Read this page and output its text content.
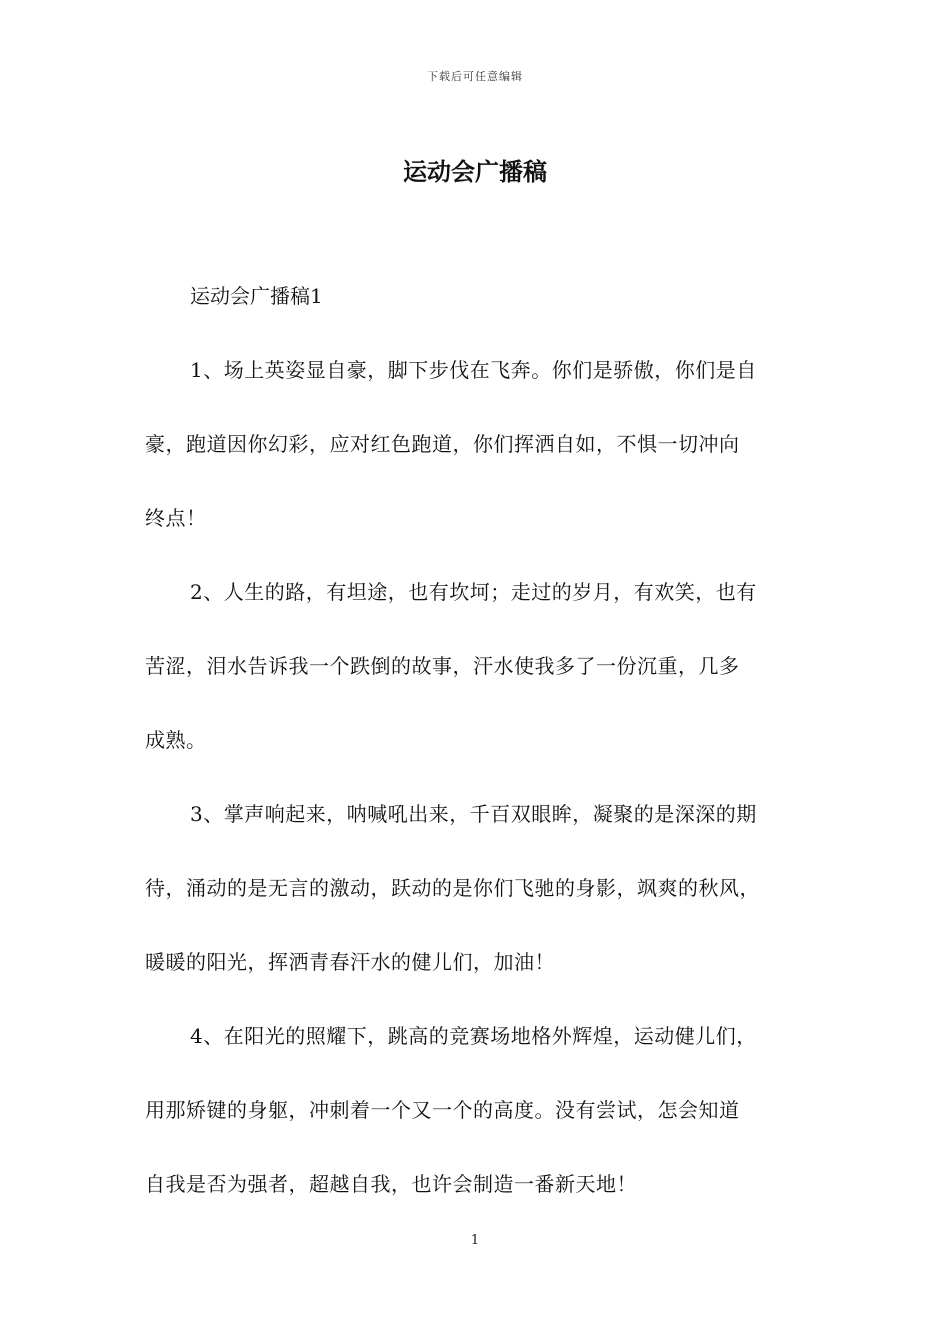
下载后可任意编辑
运动会广播稿
运动会广播稿1
1、场上英姿显自豪，脚下步伐在飞奔。你们是骄傲，你们是自
豪，跑道因你幻彩，应对红色跑道，你们挥洒自如，不惧一切冲向
终点！
2、人生的路，有坦途，也有坎坷；走过的岁月，有欢笑，也有
苦涩，泪水告诉我一个跌倒的故事，汗水使我多了一份沉重，几多
成熟。
3、掌声响起来，呐喊吼出来，千百双眼眸，凝聚的是深深的期
待，涌动的是无言的激动，跃动的是你们飞驰的身影，飒爽的秋风，
暖暖的阳光，挥洒青春汗水的健儿们，加油！
4、在阳光的照耀下，跳高的竞赛场地格外辉煌，运动健儿们，
用那矫键的身躯，冲刺着一个又一个的高度。没有尝试，怎会知道
自我是否为强者，超越自我，也许会制造一番新天地！
1
